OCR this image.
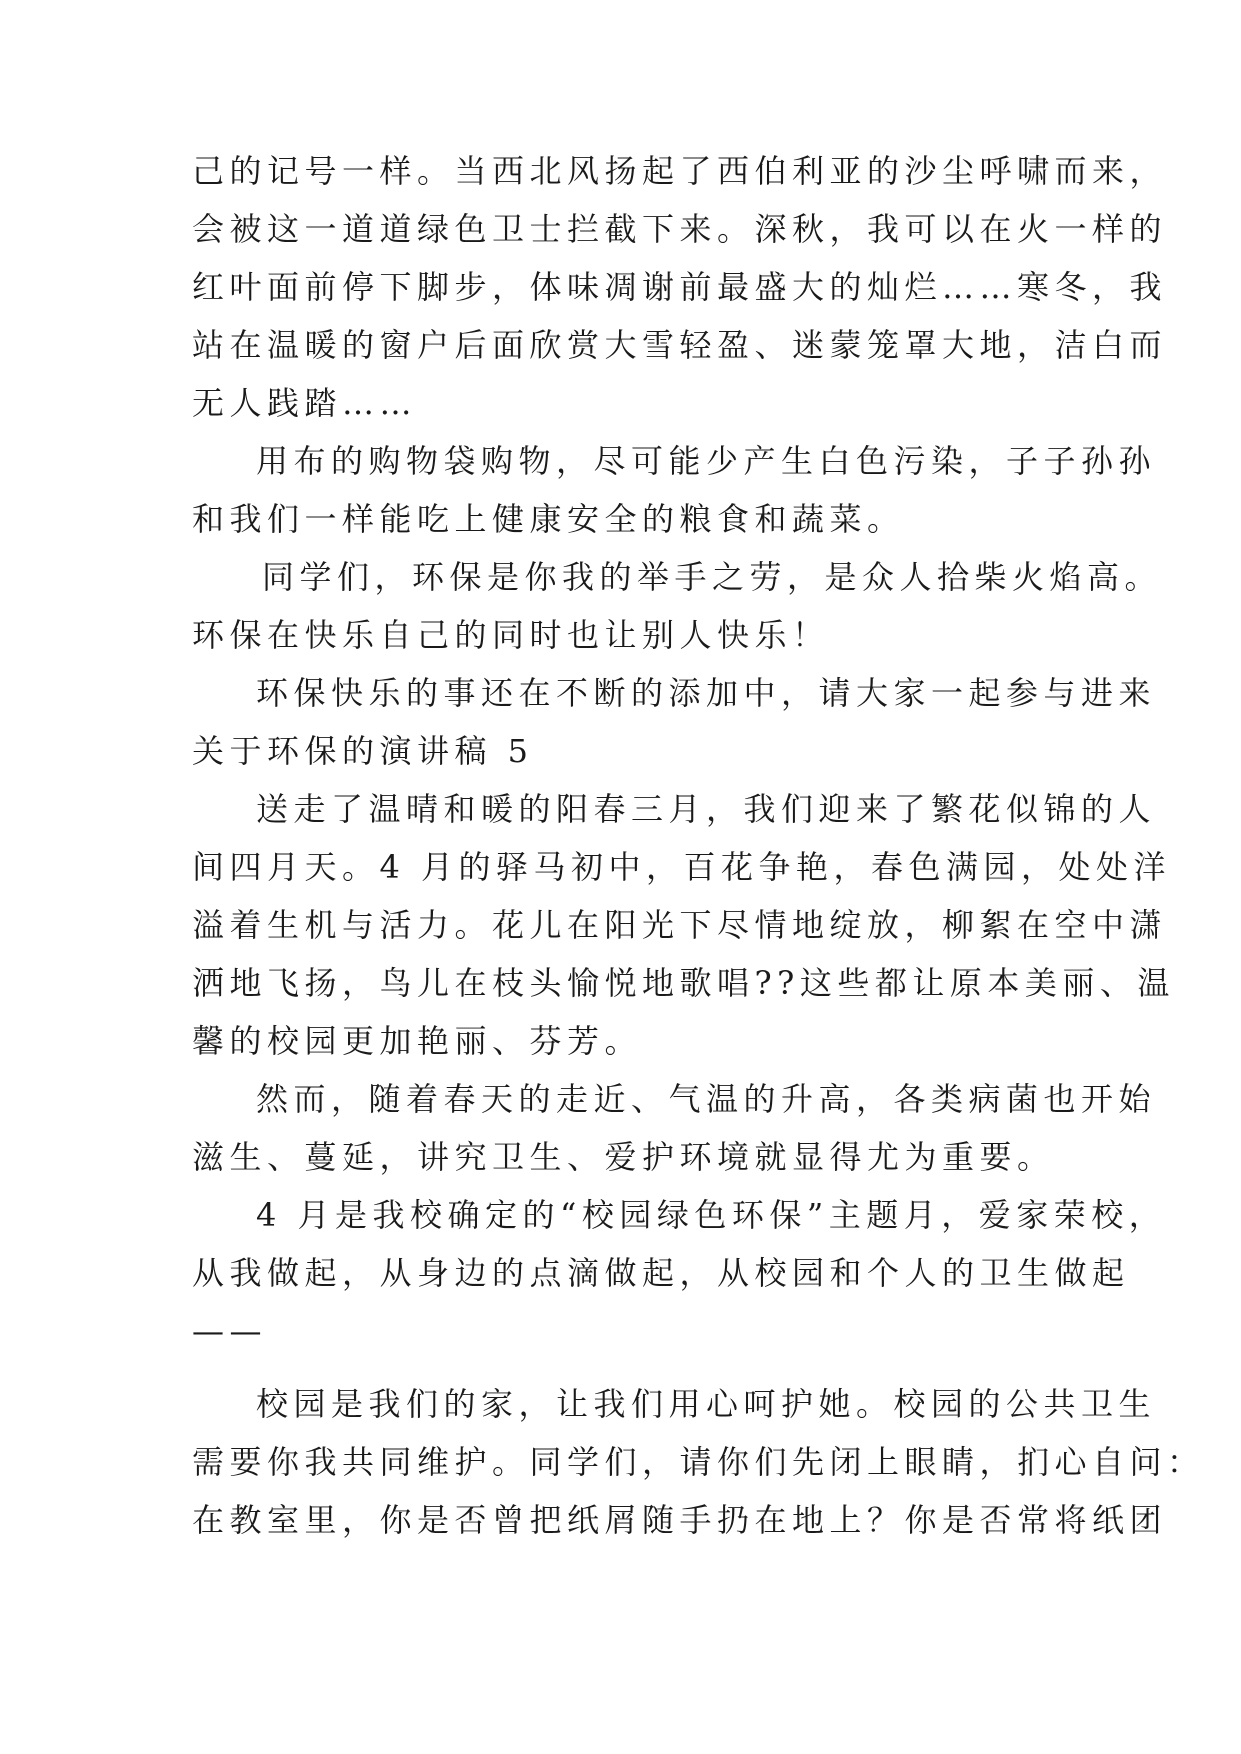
己的记号一样。当西北风扬起了西伯利亚的沙尘呼啸而来，
会被这一道道绿色卫士拦截下来。深秋，我可以在火一样的
红叶面前停下脚步，体味凋谢前最盛大的灿烂……寒冬，我
站在温暖的窗户后面欣赏大雪轻盈、迷蒙笼罩大地，洁白而
无人践踏……
用布的购物袋购物，尽可能少产生白色污染，子子孙孙
和我们一样能吃上健康安全的粮食和蔬菜。
同学们，环保是你我的举手之劳，是众人拾柴火焰高。
环保在快乐自己的同时也让别人快乐！
环保快乐的事还在不断的添加中，请大家一起参与进来
关于环保的演讲稿 5
送走了温晴和暖的阳春三月，我们迎来了繁花似锦的人
间四月天。4 月的驿马初中，百花争艳，春色满园，处处洋
溢着生机与活力。花儿在阳光下尽情地绽放，柳絮在空中潇
洒地飞扬，鸟儿在枝头愉悦地歌唱??这些都让原本美丽、温
馨的校园更加艳丽、芬芳。
然而，随着春天的走近、气温的升高，各类病菌也开始
滋生、蔓延，讲究卫生、爱护环境就显得尤为重要。
4 月是我校确定的“校园绿色环保”主题月，爱家荣校，
从我做起，从身边的点滴做起，从校园和个人的卫生做起
——
校园是我们的家，让我们用心呵护她。校园的公共卫生
需要你我共同维护。同学们，请你们先闭上眼睛，扪心自问：
在教室里，你是否曾把纸屑随手扔在地上？你是否常将纸团
